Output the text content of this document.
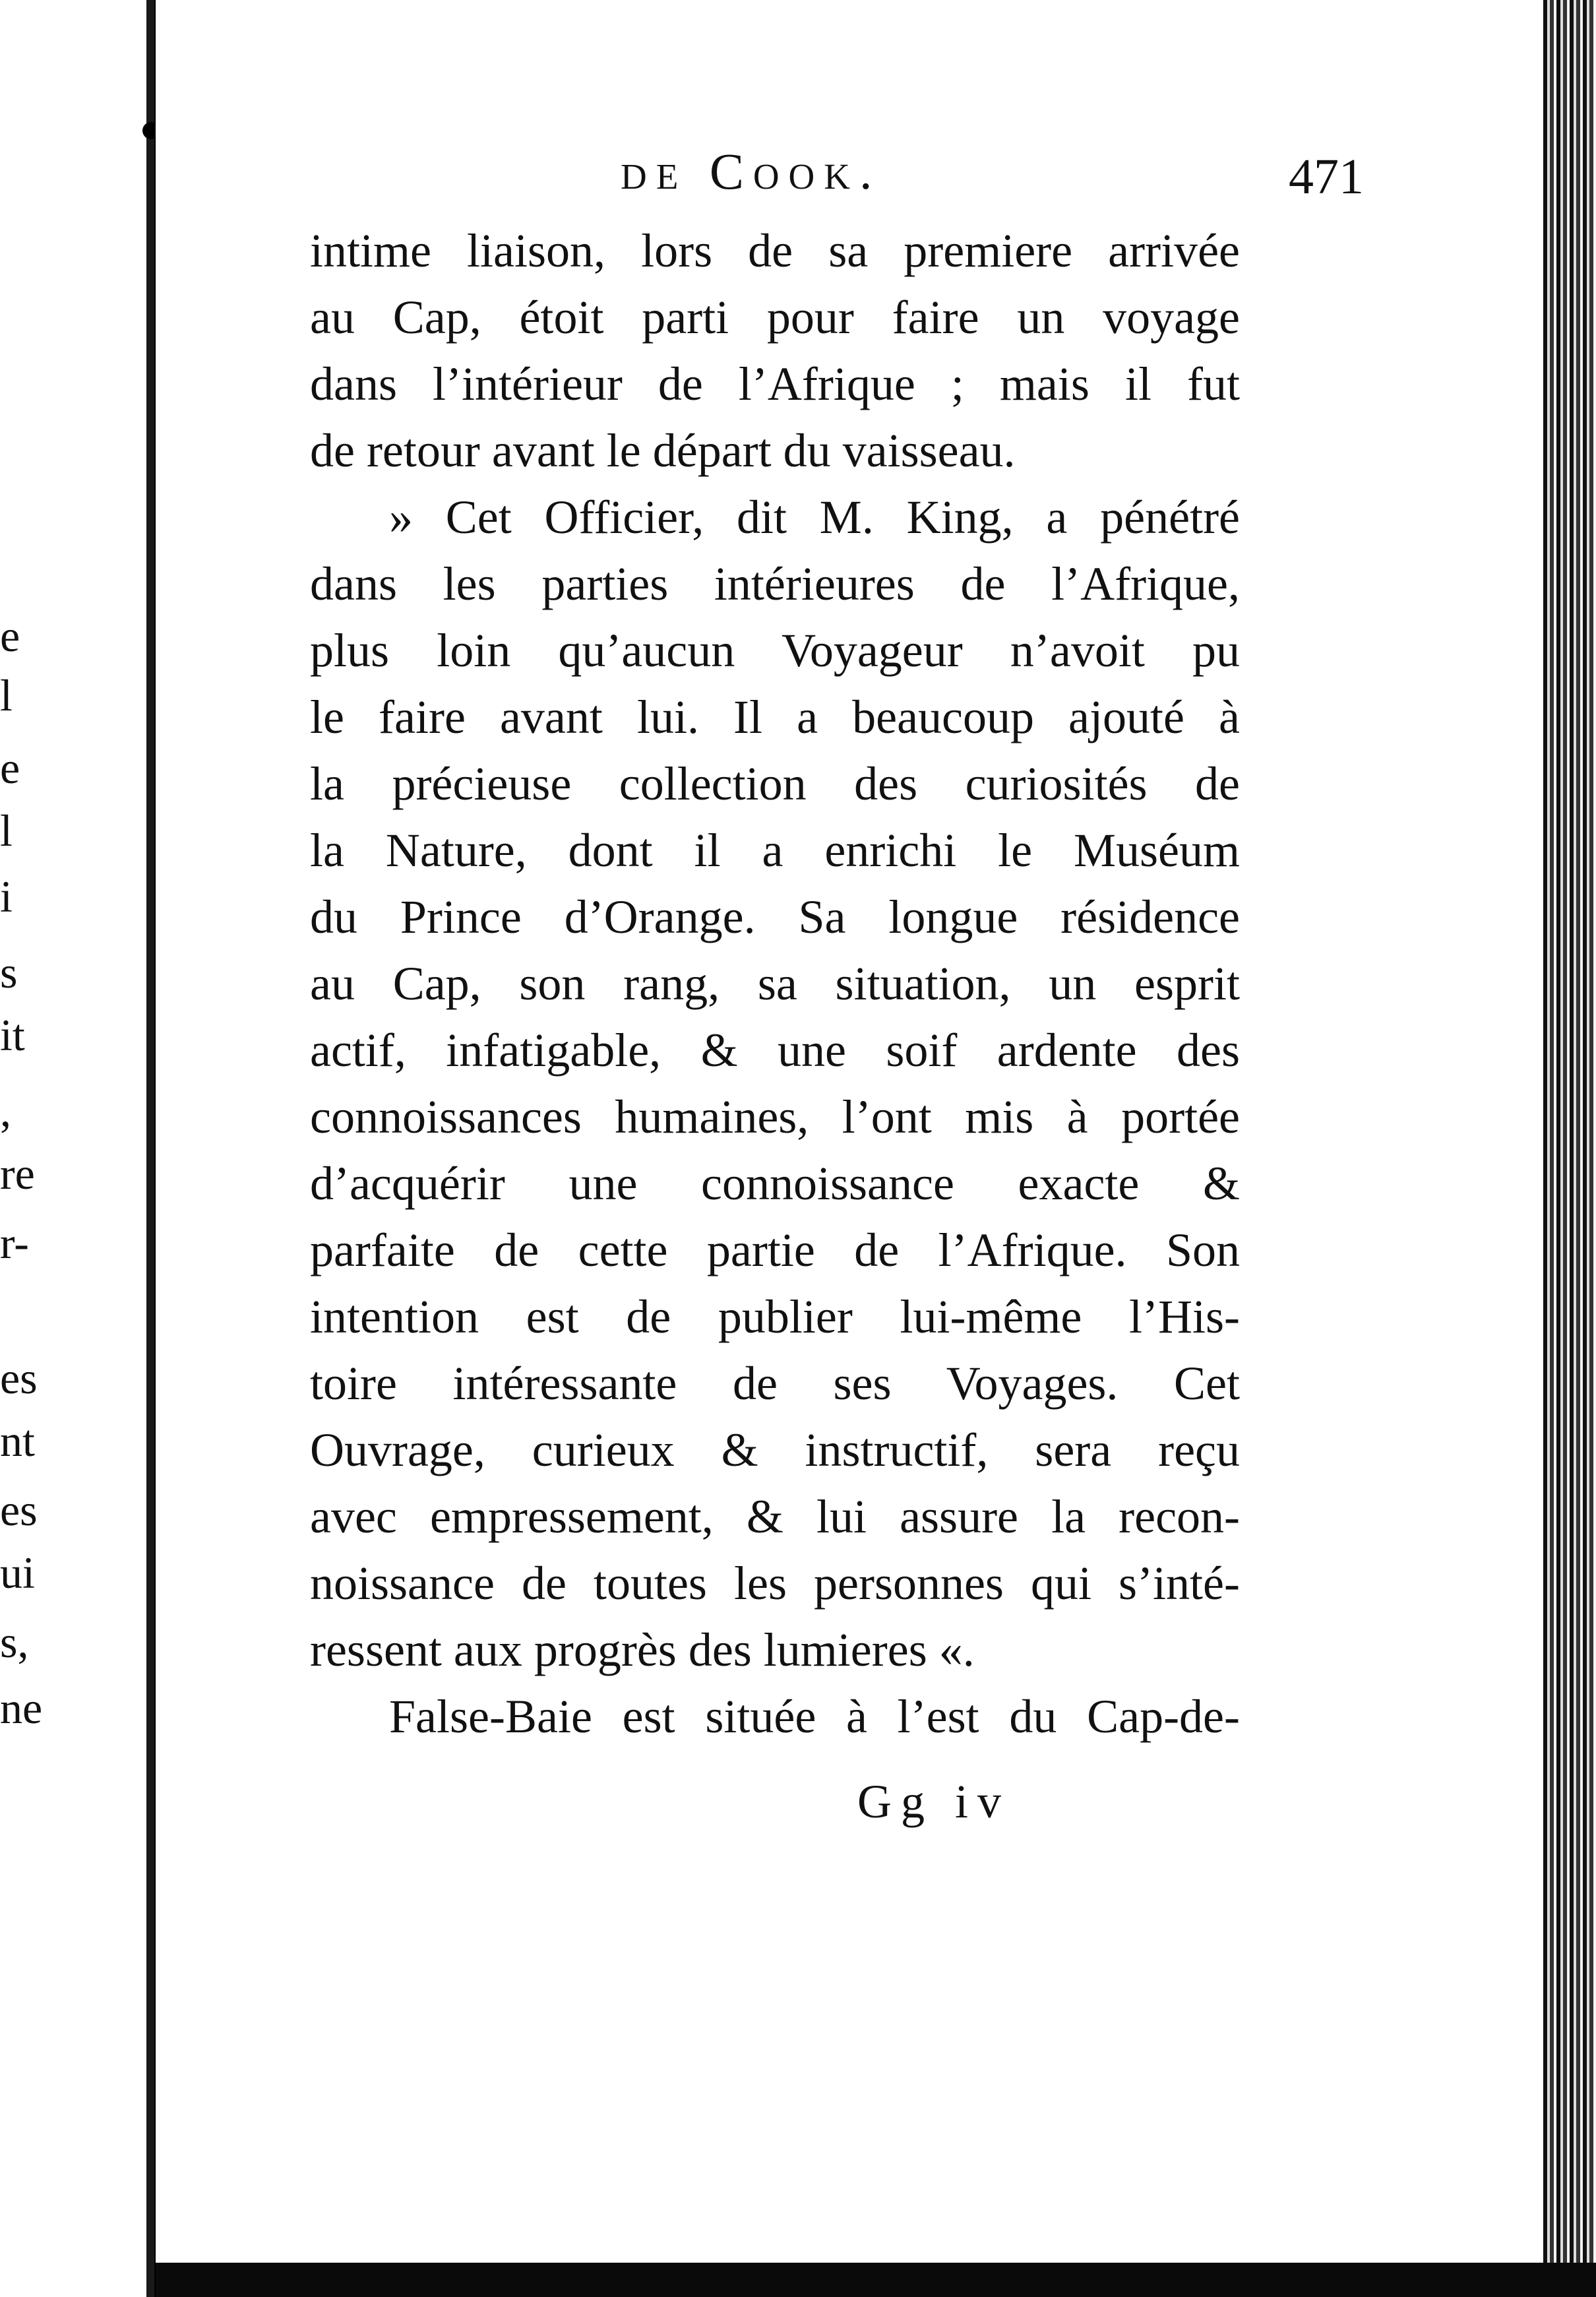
e
l
e
l
i
s
it
,
re
r-
es
nt
es
ui
s,
ne
de Cook.	471
intime liaison, lors de sa premiere arrivée
au Cap, étoit parti pour faire un voyage
dans l’intérieur de l’Afrique ; mais il fut
de retour avant le départ du vaisseau.
» Cet Officier, dit M. King, a pénétré
dans les parties intérieures de l’Afrique,
plus loin qu’aucun Voyageur n’avoit pu
le faire avant lui. Il a beaucoup ajouté à
la précieuse collection des curiosités de
la Nature, dont il a enrichi le Muséum
du Prince d’Orange. Sa longue résidence
au Cap, son rang, sa situation, un esprit
actif, infatigable, & une soif ardente des
connoissances humaines, l’ont mis à portée
d’acquérir une connoissance exacte &
parfaite de cette partie de l’Afrique. Son
intention est de publier lui-même l’His-
toire intéressante de ses Voyages. Cet
Ouvrage, curieux & instructif, sera reçu
avec empressement, & lui assure la recon-
noissance de toutes les personnes qui s’inté-
ressent aux progrès des lumieres «.
False-Baie est située à l’est du Cap-de-
Gg iv
